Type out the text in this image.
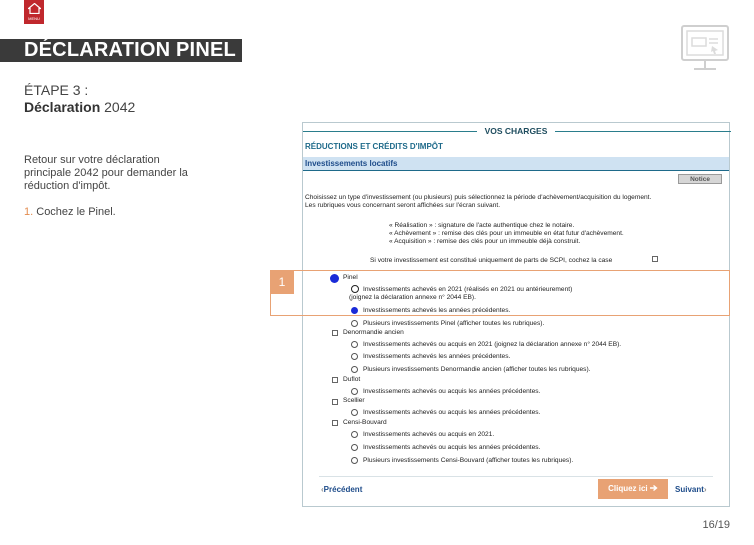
MENU
DÉCLARATION PINEL
ÉTAPE 3 :
Déclaration 2042
Retour sur votre déclaration principale 2042 pour demander la réduction d'impôt.
1. Cochez le Pinel.
VOS CHARGES
RÉDUCTIONS ET CRÉDITS D'IMPÔT
Investissements locatifs
Notice
Choisissez un type d'investissement (ou plusieurs) puis sélectionnez la période d'achèvement/acquisition du logement.
Les rubriques vous concernant seront affichées sur l'écran suivant.
« Réalisation » : signature de l'acte authentique chez le notaire.
« Achèvement » : remise des clés pour un immeuble en état futur d'achèvement.
« Acquisition » : remise des clés pour un immeuble déjà construit.
Si votre investissement est constitué uniquement de parts de SCPI, cochez la case
Pinel
Investissements achevés en 2021 (réalisés en 2021 ou antérieurement)
(joignez la déclaration annexe n° 2044 EB).
Investissements achevés les années précédentes.
Plusieurs investissements Pinel (afficher toutes les rubriques).
Denormandie ancien
Investissements achevés ou acquis en 2021 (joignez la déclaration annexe n° 2044 EB).
Investissements achevés les années précédentes.
Plusieurs investissements Denormandie ancien (afficher toutes les rubriques).
Duflot
Investissements achevés ou acquis les années précédentes.
Scellier
Investissements achevés ou acquis les années précédentes.
Censi-Bouvard
Investissements achevés ou acquis en 2021.
Investissements achevés ou acquis les années précédentes.
Plusieurs investissements Censi-Bouvard (afficher toutes les rubriques).
‹Précédent	Cliquez ici	Suivant›
1
16/19
